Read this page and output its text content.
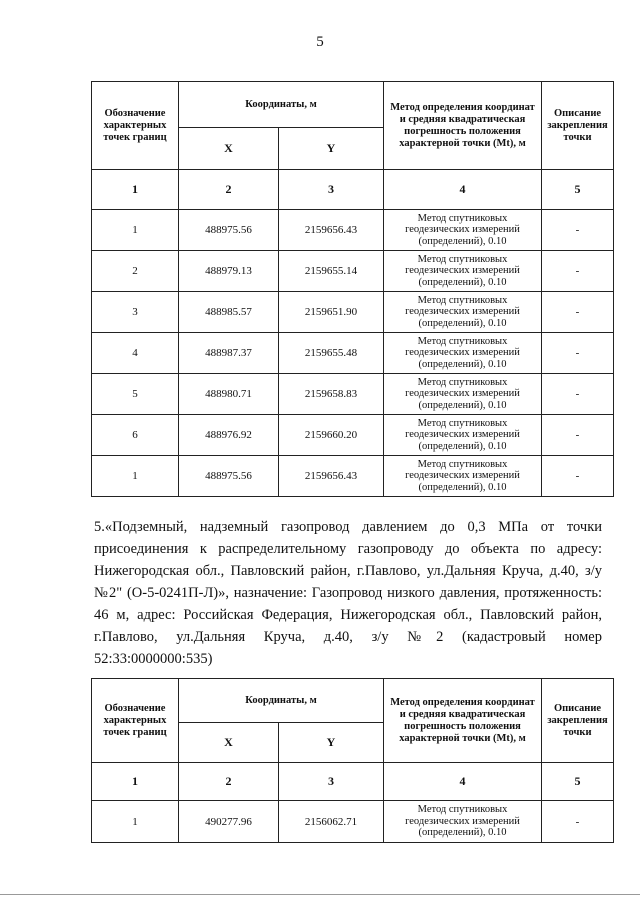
5
Обозначение характерных точек границ	Координаты, м		Метод определения координат и средняя квадратическая погрешность положения характерной точки (Mt), м	Описание закрепления точки
	X	Y		
1	2	3	4	5
1	488975.56	2159656.43	Метод спутниковых геодезических измерений (определений), 0.10	-
2	488979.13	2159655.14	Метод спутниковых геодезических измерений (определений), 0.10	-
3	488985.57	2159651.90	Метод спутниковых геодезических измерений (определений), 0.10	-
4	488987.37	2159655.48	Метод спутниковых геодезических измерений (определений), 0.10	-
5	488980.71	2159658.83	Метод спутниковых геодезических измерений (определений), 0.10	-
6	488976.92	2159660.20	Метод спутниковых геодезических измерений (определений), 0.10	-
1	488975.56	2159656.43	Метод спутниковых геодезических измерений (определений), 0.10	-

5.«Подземный, надземный газопровод давлением до 0,3 МПа от точки присоединения к распределительному газопроводу до объекта по адресу: Нижегородская обл., Павловский район, г.Павлово, ул.Дальняя Круча, д.40, з/у №2" (О-5-0241П-Л)», назначение: Газопровод низкого давления, протяженность: 46 м, адрес: Российская Федерация, Нижегородская обл., Павловский район, г.Павлово, ул.Дальняя Круча, д.40, з/у №2 (кадастровый номер 52:33:0000000:535)

Обозначение характерных точек границ	Координаты, м		Метод определения координат и средняя квадратическая погрешность положения характерной точки (Mt), м	Описание закрепления точки
	X	Y		
1	2	3	4	5
1	490277.96	2156062.71	Метод спутниковых геодезических измерений (определений), 0.10	-
